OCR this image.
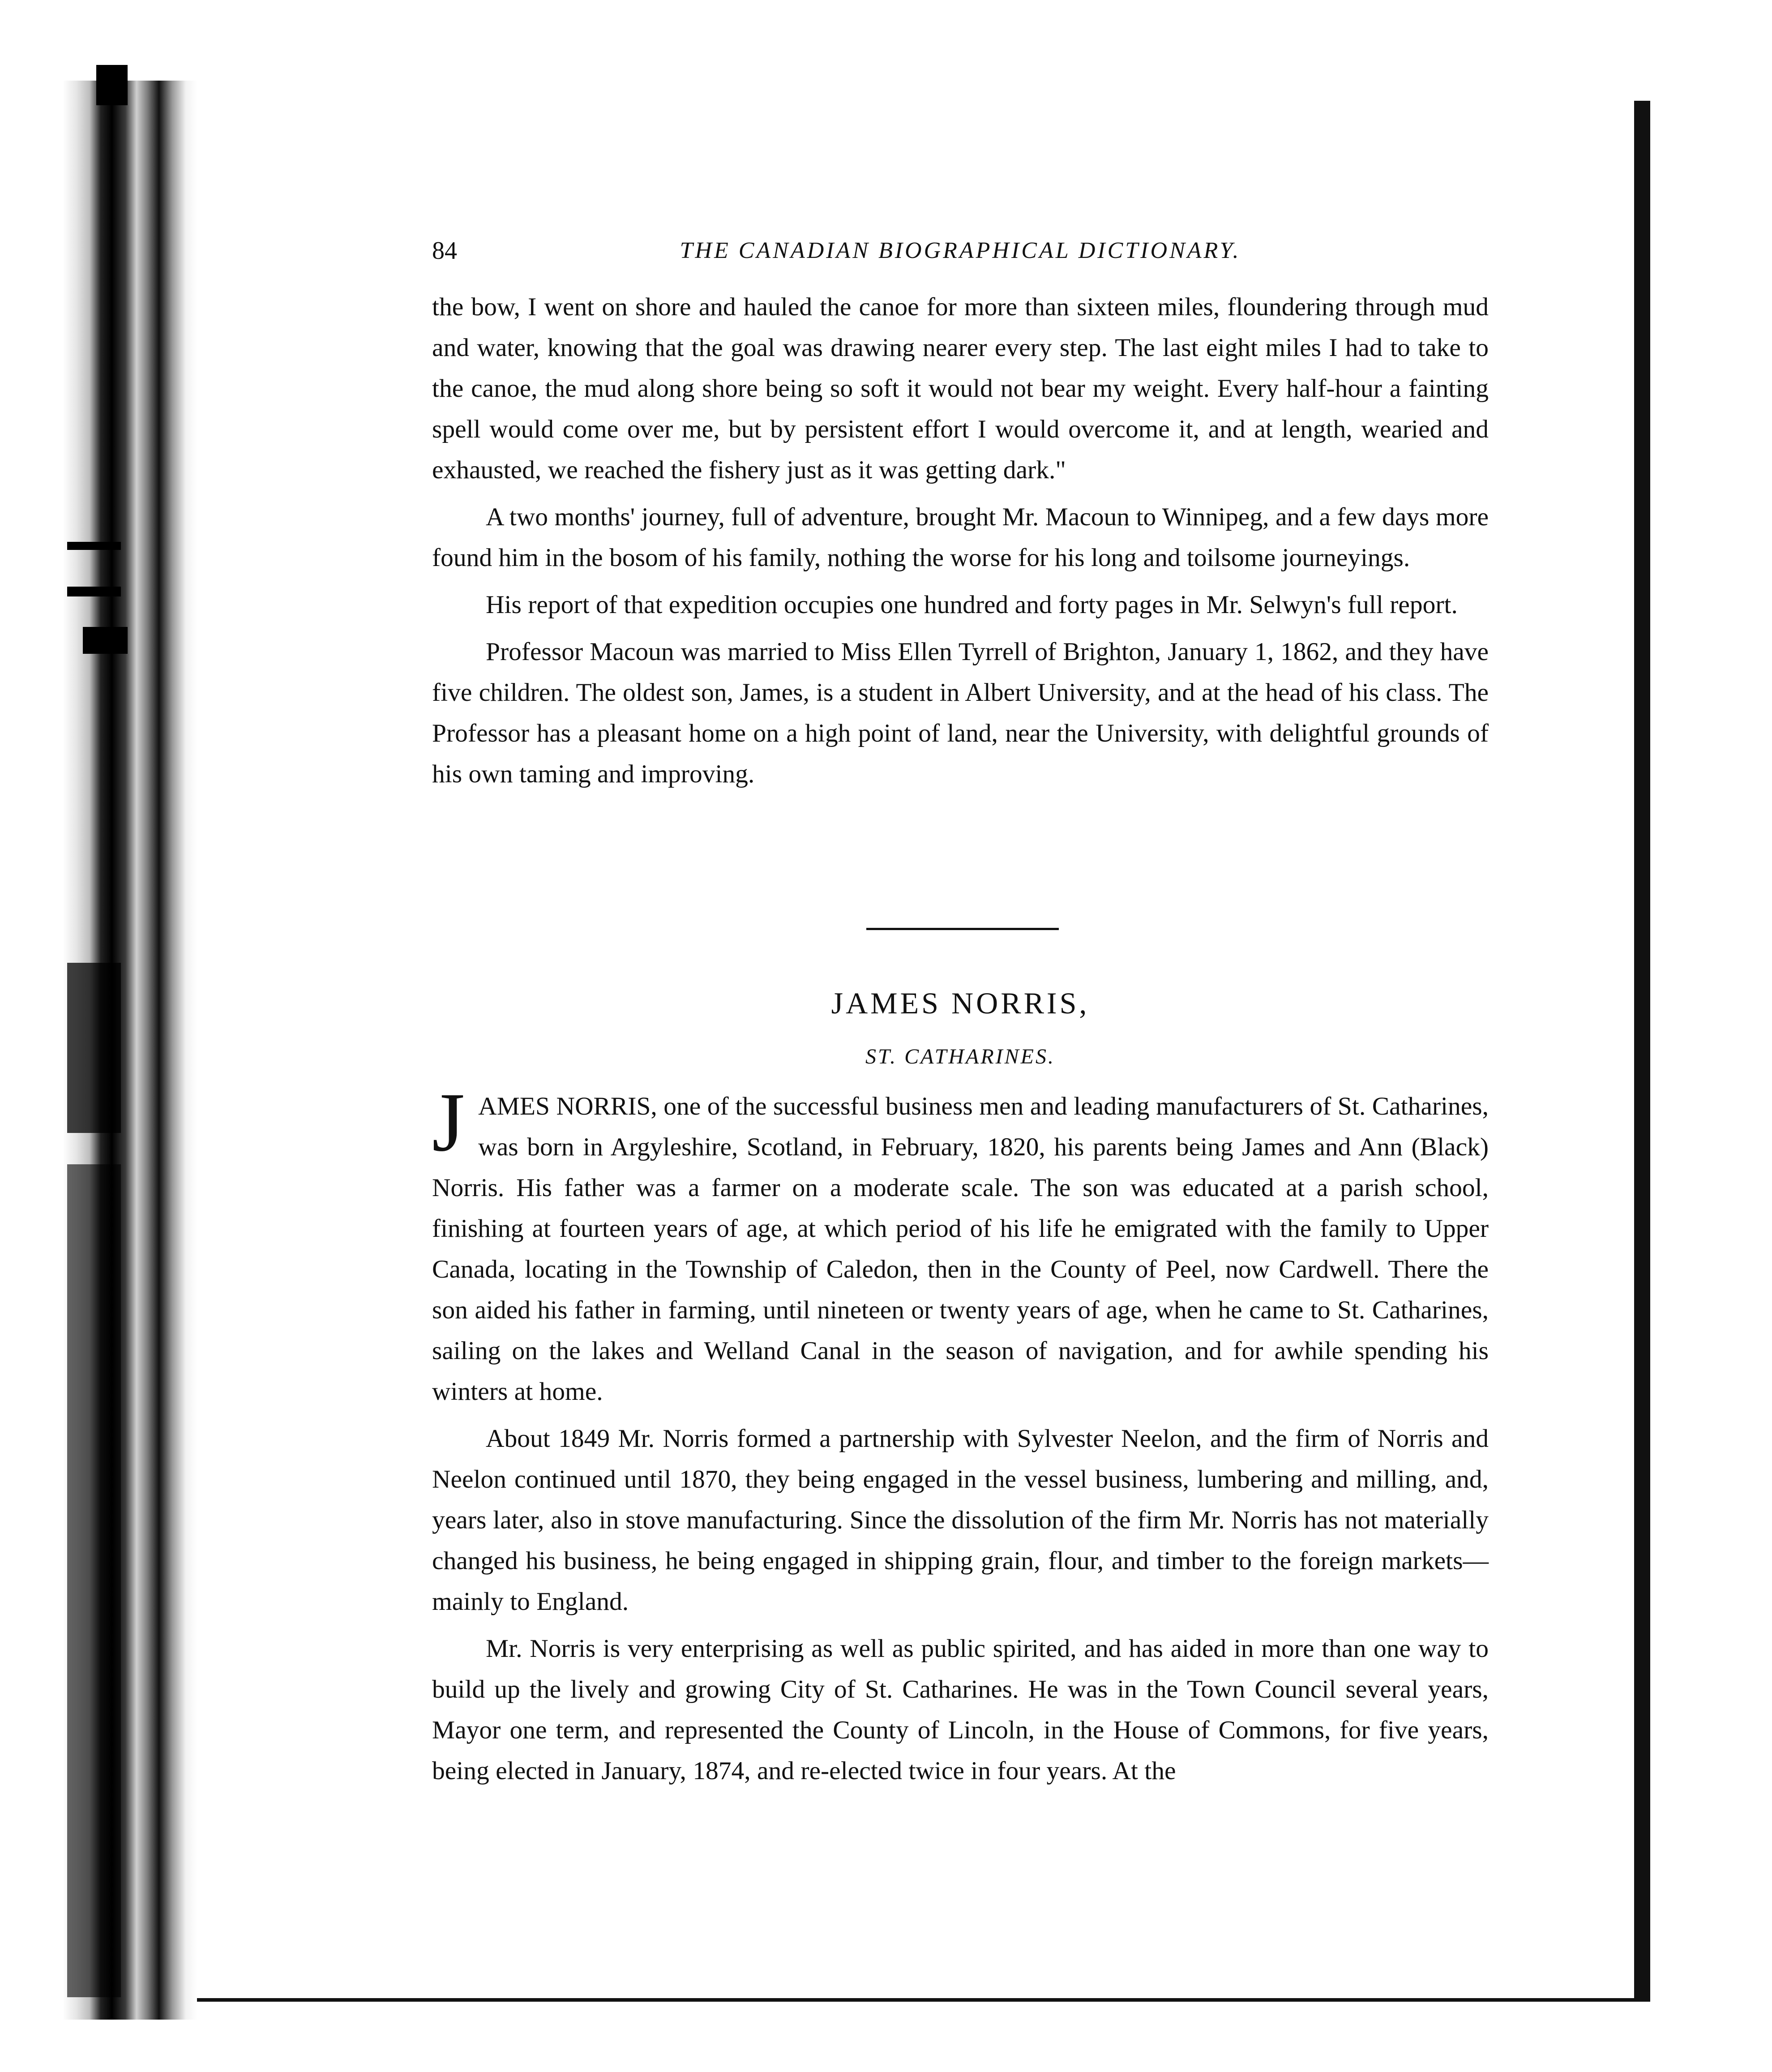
84	THE CANADIAN BIOGRAPHICAL DICTIONARY.

the bow, I went on shore and hauled the canoe for more than sixteen miles, floundering through mud and water, knowing that the goal was drawing nearer every step. The last eight miles I had to take to the canoe, the mud along shore being so soft it would not bear my weight. Every half-hour a fainting spell would come over me, but by persistent effort I would overcome it, and at length, wearied and exhausted, we reached the fishery just as it was getting dark."

A two months' journey, full of adventure, brought Mr. Macoun to Winnipeg, and a few days more found him in the bosom of his family, nothing the worse for his long and toilsome journeyings.

His report of that expedition occupies one hundred and forty pages in Mr. Selwyn's full report.

Professor Macoun was married to Miss Ellen Tyrrell of Brighton, January 1, 1862, and they have five children. The oldest son, James, is a student in Albert University, and at the head of his class. The Professor has a pleasant home on a high point of land, near the University, with delightful grounds of his own taming and improving.

JAMES NORRIS,
ST. CATHARINES.

JAMES NORRIS, one of the successful business men and leading manufacturers of St. Catharines, was born in Argyleshire, Scotland, in February, 1820, his parents being James and Ann (Black) Norris. His father was a farmer on a moderate scale. The son was educated at a parish school, finishing at fourteen years of age, at which period of his life he emigrated with the family to Upper Canada, locating in the Township of Caledon, then in the County of Peel, now Cardwell. There the son aided his father in farming, until nineteen or twenty years of age, when he came to St. Catharines, sailing on the lakes and Welland Canal in the season of navigation, and for awhile spending his winters at home.

About 1849 Mr. Norris formed a partnership with Sylvester Neelon, and the firm of Norris and Neelon continued until 1870, they being engaged in the vessel business, lumbering and milling, and, years later, also in stove manufacturing. Since the dissolution of the firm Mr. Norris has not materially changed his business, he being engaged in shipping grain, flour, and timber to the foreign markets—mainly to England.

Mr. Norris is very enterprising as well as public spirited, and has aided in more than one way to build up the lively and growing City of St. Catharines. He was in the Town Council several years, Mayor one term, and represented the County of Lincoln, in the House of Commons, for five years, being elected in January, 1874, and re-elected twice in four years. At the
